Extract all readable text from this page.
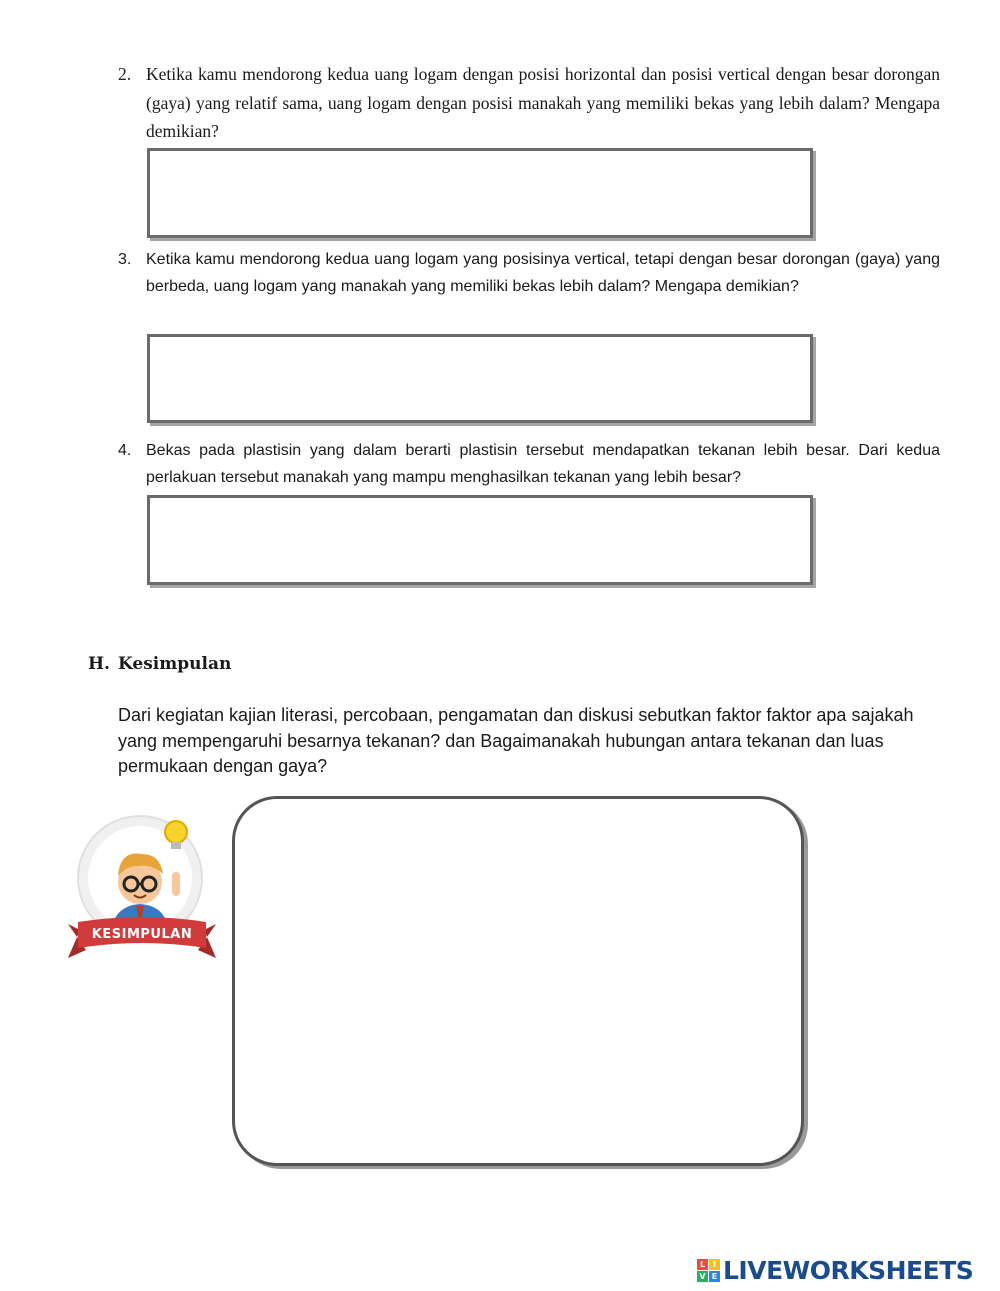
2. Ketika kamu mendorong kedua uang logam dengan posisi horizontal dan posisi vertical dengan besar dorongan (gaya) yang relatif sama, uang logam dengan posisi manakah yang memiliki bekas yang lebih dalam? Mengapa demikian?
3. Ketika kamu mendorong kedua uang logam yang posisinya vertical, tetapi dengan besar dorongan (gaya) yang berbeda, uang logam yang manakah yang memiliki bekas lebih dalam? Mengapa demikian?
4. Bekas pada plastisin yang dalam berarti plastisin tersebut mendapatkan tekanan lebih besar. Dari kedua perlakuan tersebut manakah yang mampu menghasilkan tekanan yang lebih besar?
H. Kesimpulan
Dari kegiatan kajian literasi, percobaan, pengamatan dan diskusi sebutkan faktor faktor apa sajakah yang mempengaruhi besarnya tekanan? dan Bagaimanakah hubungan antara tekanan dan luas permukaan dengan gaya?
KESIMPULAN
L I
V E LIVEWORKSHEETS
